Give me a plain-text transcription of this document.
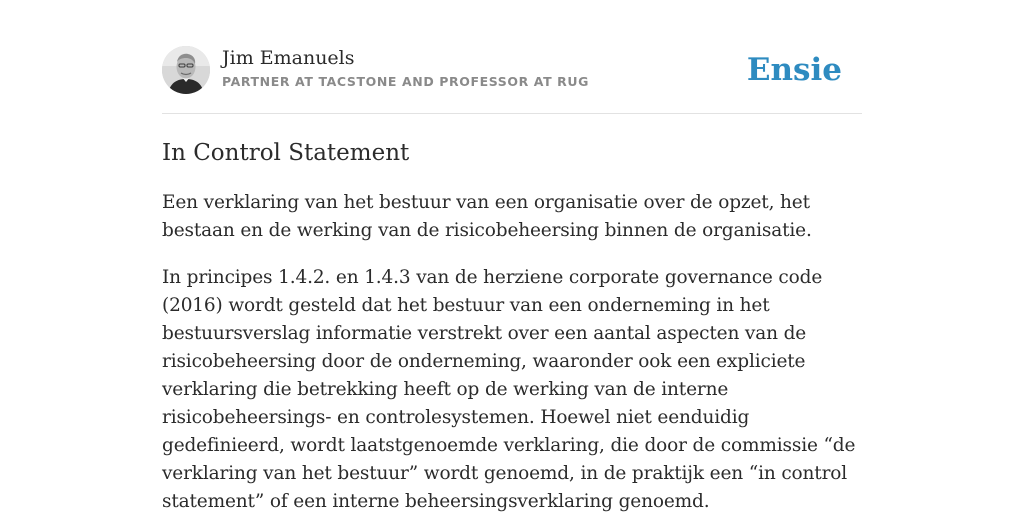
Jim Emanuels
PARTNER AT TACSTONE AND PROFESSOR AT RUG	Ensie
In Control Statement

Een verklaring van het bestuur van een organisatie over de opzet, het bestaan en de werking van de risicobeheersing binnen de organisatie.

In principes 1.4.2. en 1.4.3 van de herziene corporate governance code (2016) wordt gesteld dat het bestuur van een onderneming in het bestuursverslag informatie verstrekt over een aantal aspecten van de risicobeheersing door de onderneming, waaronder ook een expliciete verklaring die betrekking heeft op de werking van de interne risicobeheersings- en controlesystemen. Hoewel niet eenduidig gedefinieerd, wordt laatstgenoemde verklaring, die door de commissie “de verklaring van het bestuur” wordt genoemd, in de praktijk een “in control statement” of een interne beheersingsverklaring genoemd.
